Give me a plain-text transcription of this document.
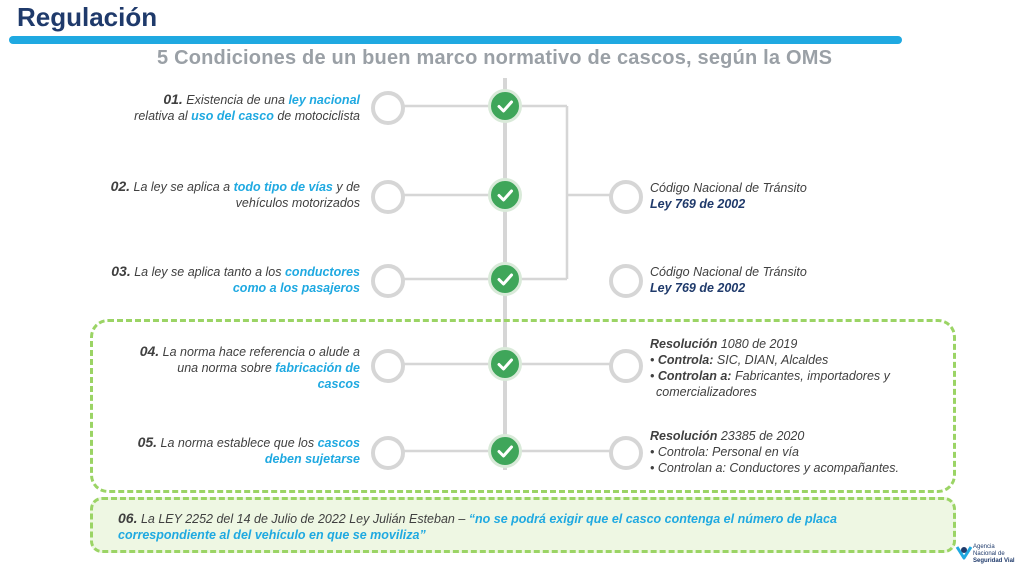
Regulación
5 Condiciones de un buen marco normativo de cascos, según la OMS
01. Existencia de una ley nacional
relativa al uso del casco de motociclista
02. La ley se aplica a todo tipo de vías y de vehículos motorizados
03. La ley se aplica tanto a los conductores como a los pasajeros
04. La norma hace referencia o alude a una norma sobre fabricación de cascos
05. La norma establece que los cascos deben sujetarse
Código Nacional de Tránsito
Ley 769 de 2002
Código Nacional de Tránsito
Ley 769 de 2002
Resolución 1080 de 2019
• Controla: SIC, DIAN, Alcaldes
• Controlan a: Fabricantes, importadores y comercializadores
Resolución 23385 de 2020
• Controla: Personal en vía
• Controlan a: Conductores y acompañantes.
06. La LEY 2252 del 14 de Julio de 2022 Ley Julián Esteban – “no se podrá exigir que el casco contenga el número de placa correspondiente al del vehículo en que se moviliza”
Agencia
Nacional de
Seguridad Vial
